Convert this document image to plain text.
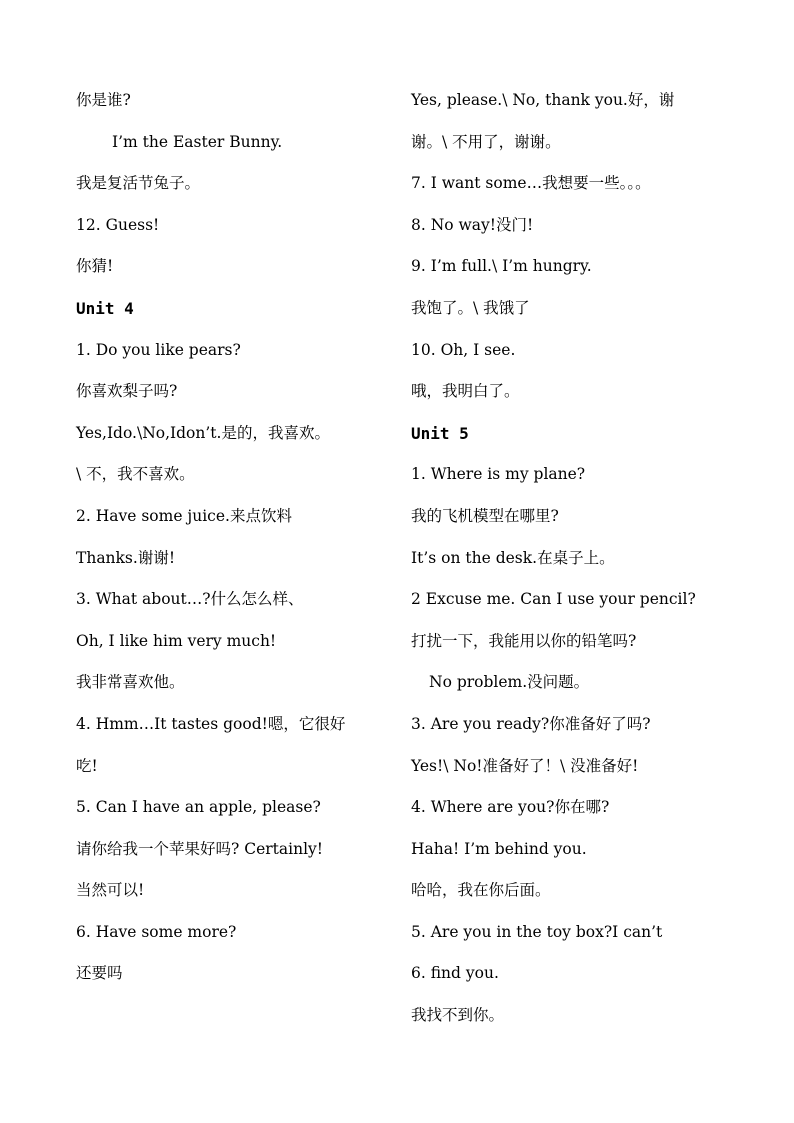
你是谁?
I’m the Easter Bunny.
我是复活节兔子。
12. Guess!
你猜!
Unit 4
1. Do you like pears?
你喜欢梨子吗?
Yes,Ido.\No,Idon’t.是的，我喜欢。
\ 不，我不喜欢。
2. Have some juice.来点饮料
Thanks.谢谢!
3. What about…?什么怎么样、
Oh, I like him very much!
我非常喜欢他。
4. Hmm…It tastes good!嗯，它很好
吃!
5. Can I have an apple, please?
请你给我一个苹果好吗? Certainly!
当然可以!
6. Have some more?
还要吗
Yes, please.\ No, thank you.好，谢
谢。\ 不用了，谢谢。
7. I want some…我想要一些。。。
8. No way!没门!
9. I’m full.\ I’m hungry.
我饱了。\ 我饿了
10. Oh, I see.
哦，我明白了。
Unit 5
1. Where is my plane?
我的飞机模型在哪里?
It’s on the desk.在桌子上。
2 Excuse me. Can I use your pencil?
打扰一下，我能用以你的铅笔吗?
No problem.没问题。
3. Are you ready?你准备好了吗?
Yes!\ No!准备好了！\ 没准备好!
4. Where are you?你在哪?
Haha! I’m behind you.
哈哈，我在你后面。
5. Are you in the toy box?I can’t
6. find you.
我找不到你。
